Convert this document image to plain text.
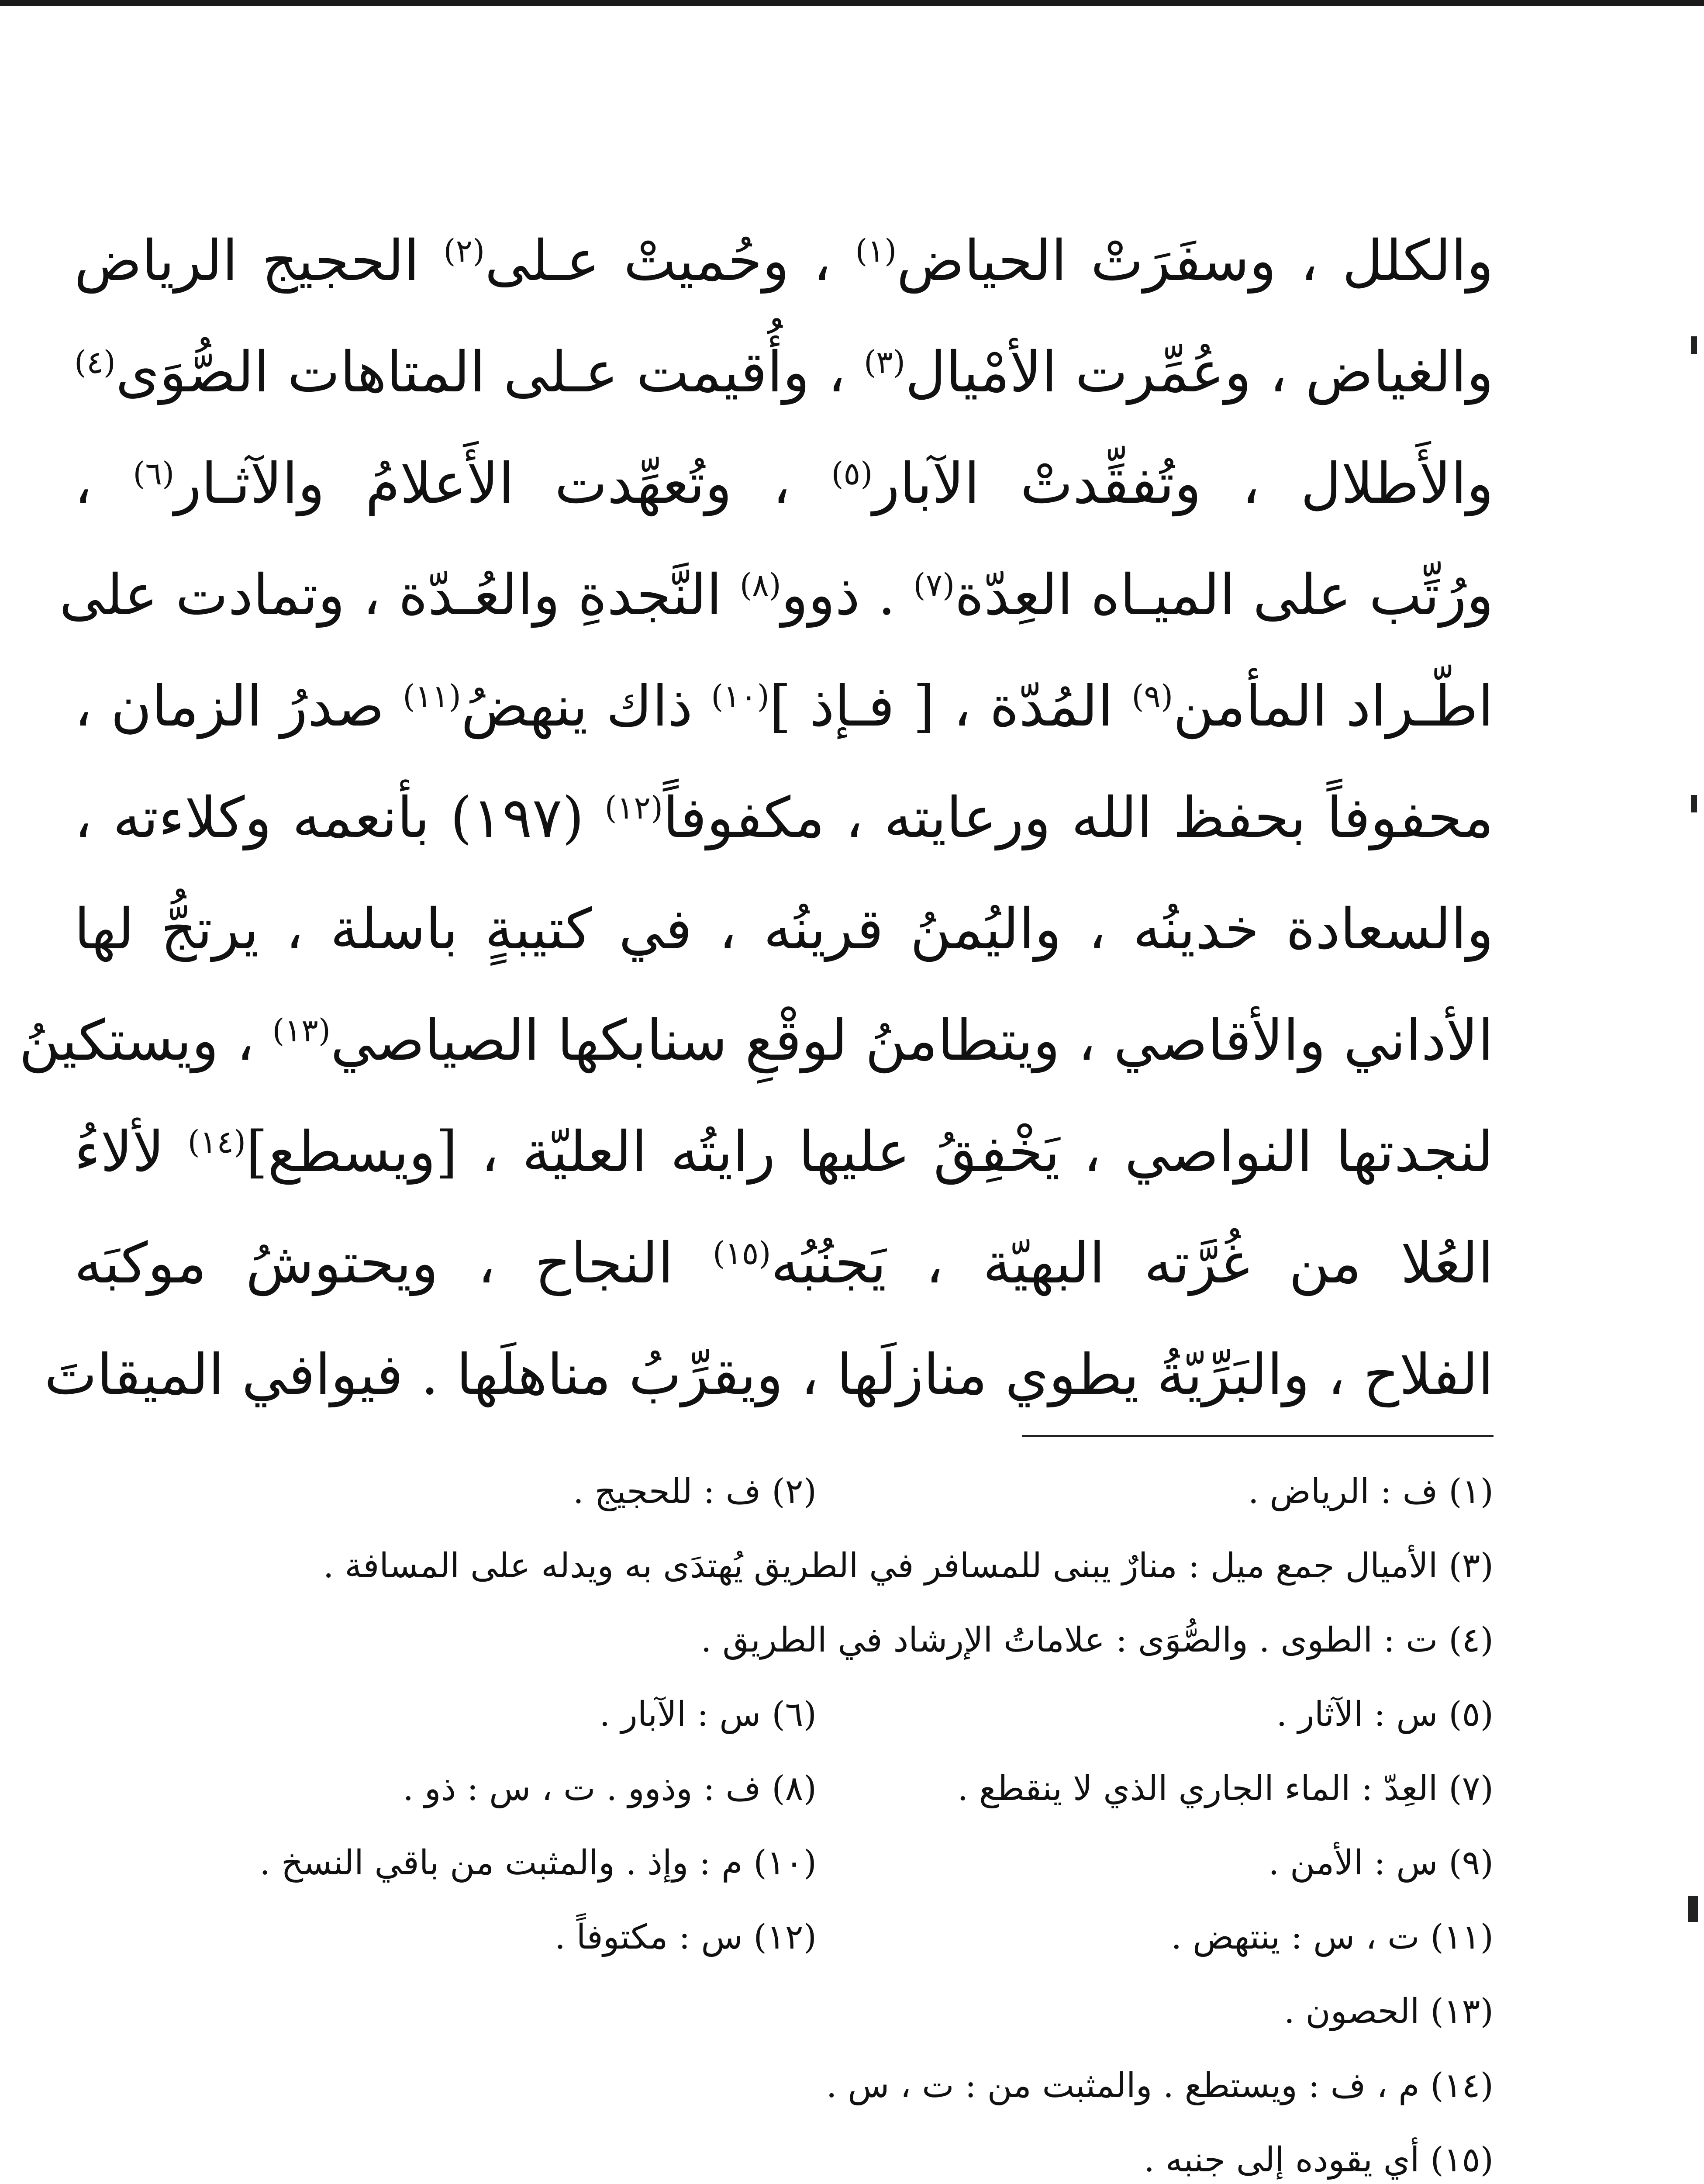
والكلل ، وسفَرَتْ الحياض$^{(١)}$ ، وحُميتْ عـلى$^{(٢)}$ الحجيج الرياض
والغياض ، وعُمِّرت الأمْيال$^{(٣)}$ ، وأُقيمت عـلى المتاهات الصُّوَى$^{(٤)}$
والأَطلال ، وتُفقِّدتْ الآبار$^{(٥)}$ ، وتُعهِّدت الأَعلامُ والآثـار$^{(٦)}$ ،
ورُتِّب على الميـاه العِدّة$^{(٧)}$ . ذوو$^{(٨)}$ النَّجدةِ والعُـدّة ، وتمادت على
اطّـراد المأمن$^{(٩)}$ المُدّة ، [ فـإذ ]$^{(١٠)}$ ذاك ينهضُ$^{(١١)}$ صدرُ الزمان ،
محفوفاً بحفظ الله ورعايته ، مكفوفاً$^{(١٢)}$ (١٩٧) بأنعمه وكلاءته ،
والسعادة خدينُه ، واليُمنُ قرينُه ، في كتيبةٍ باسلة ، يرتجُّ لها
الأداني والأقاصي ، ويتطامنُ لوقْعِ سنابكها الصياصي$^{(١٣)}$ ، ويستكينُ
لنجدتها النواصي ، يَخْفِقُ عليها رايتُه العليّة ، [ويسطع]$^{(١٤)}$ لألاءُ
العُلا من غُرَّته البهيّة ، يَجنُبُه$^{(١٥)}$ النجاح ، ويحتوشُ موكبَه
الفلاح ، والبَرِّيّةُ يطوي منازلَها ، ويقرِّبُ مناهلَها . فيوافي الميقاتَ
(١) ف : الرياض .
(٢) ف : للحجيج .
(٣) الأميال جمع ميل : منارٌ يبنى للمسافر في الطريق يُهتدَى به ويدله على المسافة .
(٤) ت : الطوى . والصُّوَى : علاماتُ الإرشاد في الطريق .
(٥) س : الآثار .
(٦) س : الآبار .
(٧) العِدّ : الماء الجاري الذي لا ينقطع .
(٨) ف : وذوو . ت ، س : ذو .
(٩) س : الأمن .
(١٠) م : وإذ . والمثبت من باقي النسخ .
(١١) ت ، س : ينتهض .
(١٢) س : مكتوفاً .
(١٣) الحصون .
(١٤) م ، ف : ويستطع . والمثبت من : ت ، س .
(١٥) أي يقوده إلى جنبه .
